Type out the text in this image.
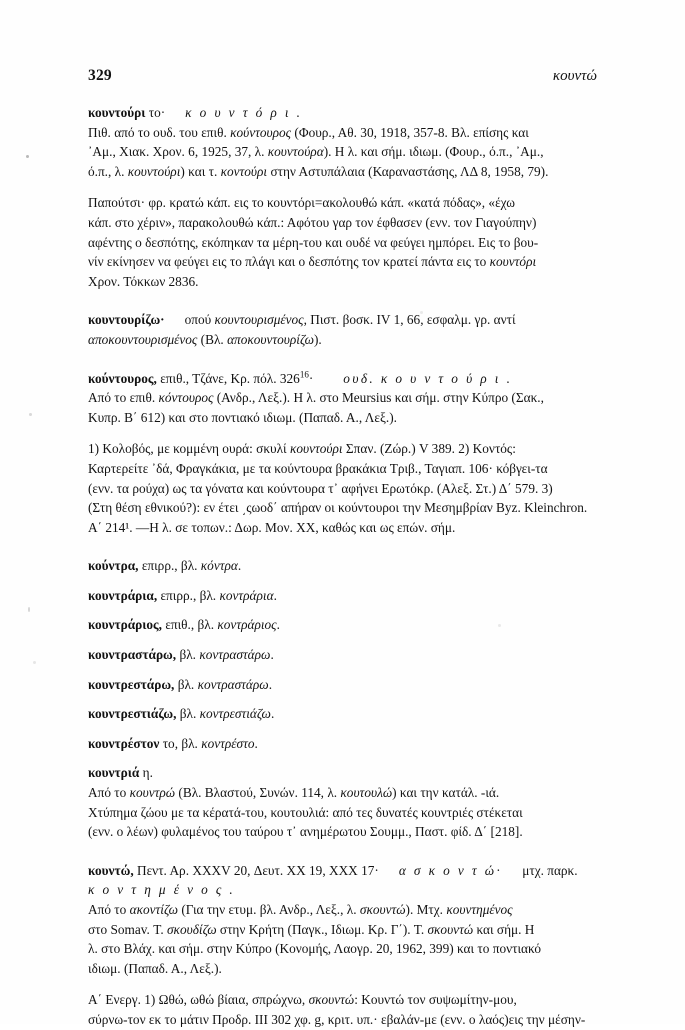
329	κουντώ

κουντούρι το· κ ο υ ν τ ό ρ ι .

Πιθ. από το ουδ. του επιθ. κούντουρος (Φουρ., Αθ. 30, 1918, 357-8. Βλ. επίσης και

᾿Αμ., Χιακ. Χρον. 6, 1925, 37, λ. κουντούρα). Η λ. και σήμ. ιδιωμ. (Φουρ., ό.π., ᾿Αμ.,

ό.π., λ. κουντούρι) και τ. κοντούρι στην Αστυπάλαια (Καραναστάσης, ΛΔ 8, 1958, 79).

Παπούτσι· φρ. κρατώ κάπ. εις το κουντόρι=ακολουθώ κάπ. «κατά πόδας», «έχω

κάπ. στο χέριν», παρακολουθώ κάπ.: Αφότου γαρ τον έφθασεν (ενν. τον Γιαγούπην)

αφέντης ο δεσπότης, εκόπηκαν τα μέρη-του και ουδέ να φεύγει ημπόρει. Εις το βου-

νίν εκίνησεν να φεύγει εις το πλάγι και ο δεσπότης τον κρατεί πάντα εις το κουντόρι

Χρον. Τόκκων 2836.

κουντουρίζω· οπού κουντουρισμένος, Πιστ. βοσκ. IV 1, 66, εσφαλμ. γρ. αντί

αποκουντουρισμένος (Βλ. αποκουντουρίζω).

κούντουρος, επιθ., Τζάνε, Κρ. πόλ. $326^{16}\cdot o\upsilon\delta$. κ ο υ ν τ ο ύ ρ ι .

Από το επιθ. κόντουρος (Ανδρ., Λεξ.). Η λ. στο Meursius και σήμ. στην Κύπρο (Σακ.,

Κυπρ. Β΄ 612) και στο ποντιακό ιδιωμ. (Παπαδ. Α., Λεξ.).

1) Κολοβός, με κομμένη ουρά: σκυλί κουντούρι Σπαν. (Ζώρ.) V 389. 2) Κοντός:

Καρτερείτε ᾿δά, Φραγκάκια, με τα κούντουρα βρακάκια Τριβ., Ταγιαπ. 106· κόβγει-τα

(ενν. τα ρούχα) ως τα γόνατα και κούντουρα τ᾿ αφήνει Ερωτόκρ. (Αλεξ. Στ.) Δ΄ 579. 3)

(Στη θέση εθνικού?): εν έτει ͵ςωοδ΄ απήραν οι κούντουροι την Μεσημβρίαν Byz. Kleinchron.

Α΄ 214¹. —Η λ. σε τοπων.: Δωρ. Μον. XX, καθώς και ως επών. σήμ.

κούντρα, επιρρ., βλ. κόντρα.

κουντράρια, επιρρ., βλ. κοντράρια.

κουντράριος, επιθ., βλ. κοντράριος.

κουντραστάρω, βλ. κοντραστάρω.

κουντρεστάρω, βλ. κοντραστάρω.

κουντρεστιάζω, βλ. κοντρεστιάζω.

κουντρέστον το, βλ. κοντρέστο.

κουντριά η.

Από το κουντρώ (Βλ. Βλαστού, Συνών. 114, λ. κουτουλώ) και την κατάλ. -ιά.

Χτύπημα ζώου με τα κέρατά-του, κουτουλιά: από τες δυνατές κουντριές στέκεται

(ενν. ο λέων) φυλαμένος του ταύρου τ᾿ ανημέρωτου Σουμμ., Παστ. φίδ. Δ΄ [218].

κουντώ, Πεντ. Αρ. XXXV 20, Δευτ. XX 19, XXX 17· α σ κ ο ν τ ώ· μτχ. παρκ.

κ ο ν τ η μ έ ν ο ς .

Από το ακοντίζω (Για την ετυμ. βλ. Ανδρ., Λεξ., λ. σκουντώ). Μτχ. κουντημένος

στο Somav. Τ. σκουδίζω στην Κρήτη (Παγκ., Ιδιωμ. Κρ. Γ΄). Τ. σκουντώ και σήμ. Η

λ. στο Βλάχ. και σήμ. στην Κύπρο (Κονομής, Λαογρ. 20, 1962, 399) και το ποντιακό

ιδιωμ. (Παπαδ. Α., Λεξ.).

Α΄ Ενεργ. 1) Ωθώ, ωθώ βίαια, σπρώχνω, σκουντώ: Κουντώ τον συψωμίτην-μου,

σύρνω-τον εκ το μάτιν Προδρ. III 302 χφ. g, κριτ. υπ.· εβαλάν-με (ενν. ο λαός)εις την μέσην-
